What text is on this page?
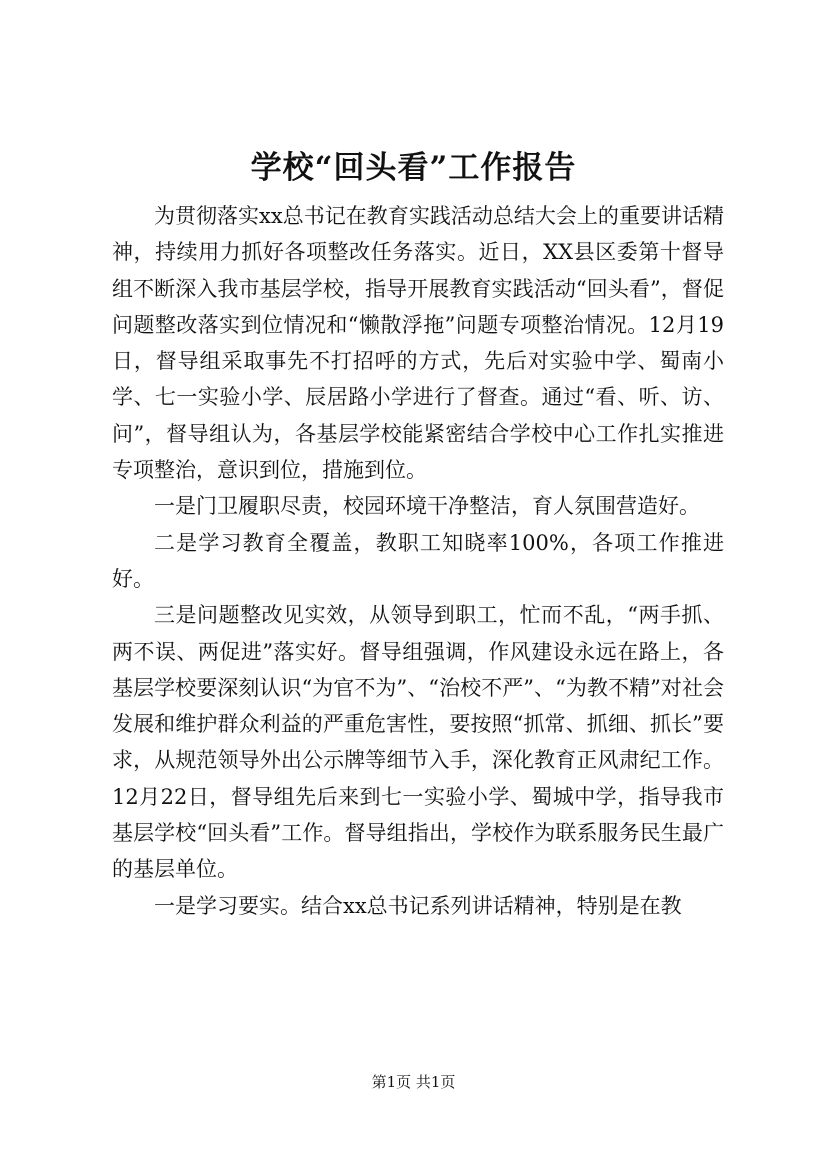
学校“回头看”工作报告

为贯彻落实xx总书记在教育实践活动总结大会上的重要讲话精神，持续用力抓好各项整改任务落实。近日，XX县区委第十督导组不断深入我市基层学校，指导开展教育实践活动“回头看”，督促问题整改落实到位情况和“懒散浮拖”问题专项整治情况。12月19日，督导组采取事先不打招呼的方式，先后对实验中学、蜀南小学、七一实验小学、辰居路小学进行了督查。通过“看、听、访、问”，督导组认为，各基层学校能紧密结合学校中心工作扎实推进专项整治，意识到位，措施到位。

一是门卫履职尽责，校园环境干净整洁，育人氛围营造好。

二是学习教育全覆盖，教职工知晓率100%，各项工作推进好。

三是问题整改见实效，从领导到职工，忙而不乱，“两手抓、两不误、两促进”落实好。督导组强调，作风建设永远在路上，各基层学校要深刻认识“为官不为”、“治校不严”、“为教不精”对社会发展和维护群众利益的严重危害性，要按照“抓常、抓细、抓长”要求，从规范领导外出公示牌等细节入手，深化教育正风肃纪工作。12月22日，督导组先后来到七一实验小学、蜀城中学，指导我市基层学校“回头看”工作。督导组指出，学校作为联系服务民生最广的基层单位。

一是学习要实。结合xx总书记系列讲话精神，特别是在教

第1页 共1页
